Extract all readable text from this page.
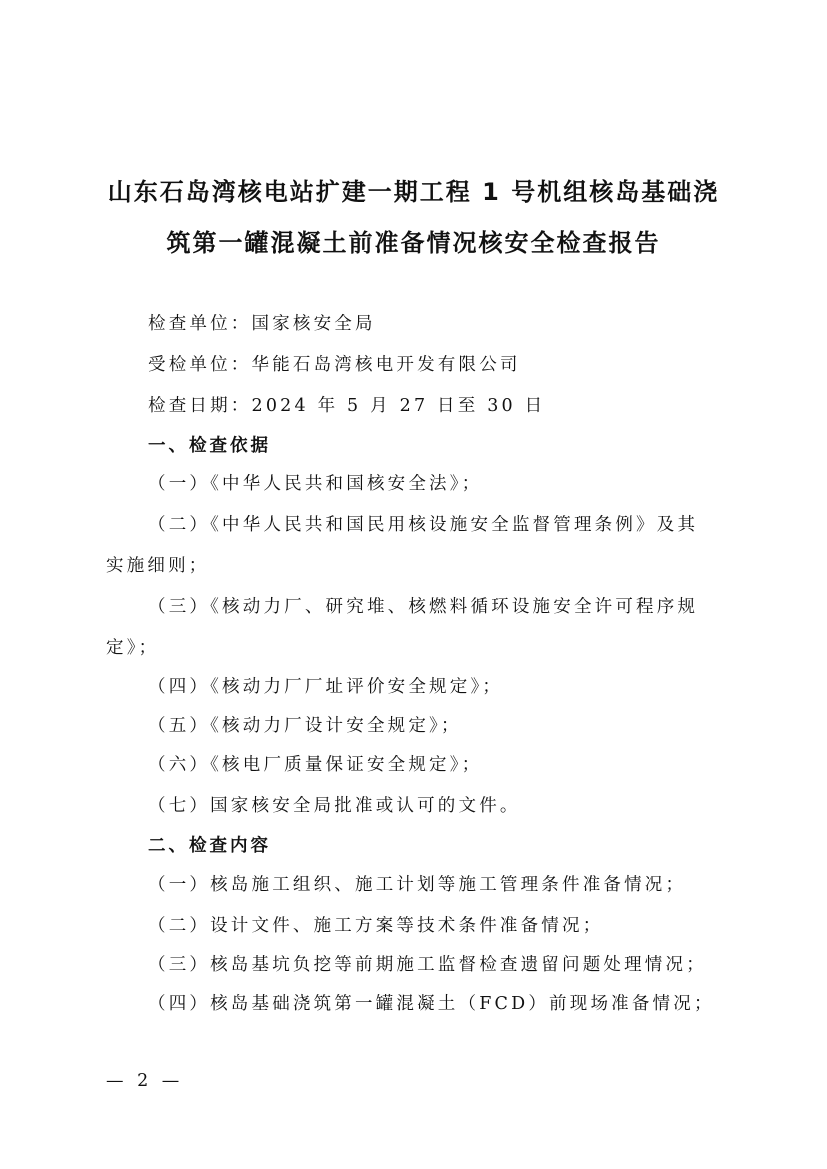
山东石岛湾核电站扩建一期工程 1 号机组核岛基础浇
筑第一罐混凝土前准备情况核安全检查报告
检查单位：国家核安全局
受检单位：华能石岛湾核电开发有限公司
检查日期：2024 年 5 月 27 日至 30 日
一、检查依据
（一）《中华人民共和国核安全法》；
（二）《中华人民共和国民用核设施安全监督管理条例》及其
实施细则；
（三）《核动力厂、研究堆、核燃料循环设施安全许可程序规
定》；
（四）《核动力厂厂址评价安全规定》；
（五）《核动力厂设计安全规定》；
（六）《核电厂质量保证安全规定》；
（七）国家核安全局批准或认可的文件。
二、检查内容
（一）核岛施工组织、施工计划等施工管理条件准备情况；
（二）设计文件、施工方案等技术条件准备情况；
（三）核岛基坑负挖等前期施工监督检查遗留问题处理情况；
（四）核岛基础浇筑第一罐混凝土（FCD）前现场准备情况；
— 2 —
